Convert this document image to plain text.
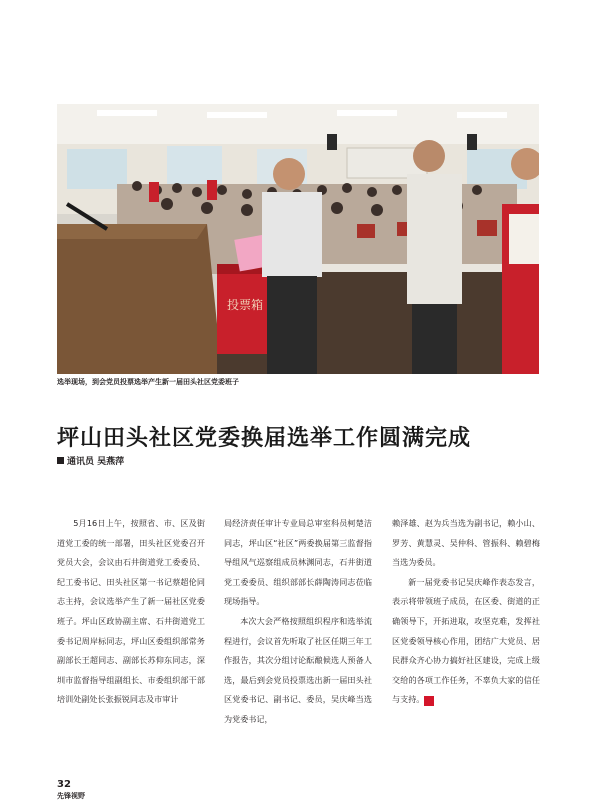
投票箱
选举现场，到会党员投票选举产生新一届田头社区党委班子
坪山田头社区党委换届选举工作圆满完成
通讯员 吴燕萍

5月16日上午，按照省、市、区及街道党工委的统一部署，田头社区党委召开党员大会，会议由石井街道党工委委员、纪工委书记、田头社区第一书记蔡超伦同志主持，会议选举产生了新一届社区党委班子。坪山区政协副主席、石井街道党工委书记周岸标同志，坪山区委组织部常务副部长王超同志、副部长苏仰东同志，深圳市监督指导组副组长、市委组织部干部培训处副处长张振锐同志及市审计

局经济责任审计专业局总审室科员柯楚洁同志，坪山区“社区”两委换届第三监督指导组风气巡察组成员林渊同志，石井街道党工委委员、组织部部长薛陶涛同志莅临现场指导。

本次大会严格按照组织程序和选举流程进行，会议首先听取了社区任期三年工作报告，其次分组讨论酝酿候选人预备人选，最后到会党员投票选出新一届田头社区党委书记、副书记、委员，吴庆峰当选为党委书记，

赖泽雄、赵为兵当选为副书记，赖小山、罗芳、黄慧灵、吴仲科、管振科、赖碧梅当选为委员。

新一届党委书记吴庆峰作表态发言，表示将带领班子成员，在区委、街道的正确领导下，开拓进取，攻坚克难，发挥社区党委领导核心作用，团结广大党员、居民群众齐心协力搞好社区建设，完成上级交给的各项工作任务，不辜负大家的信任与支持。 W

32
先锋视野
